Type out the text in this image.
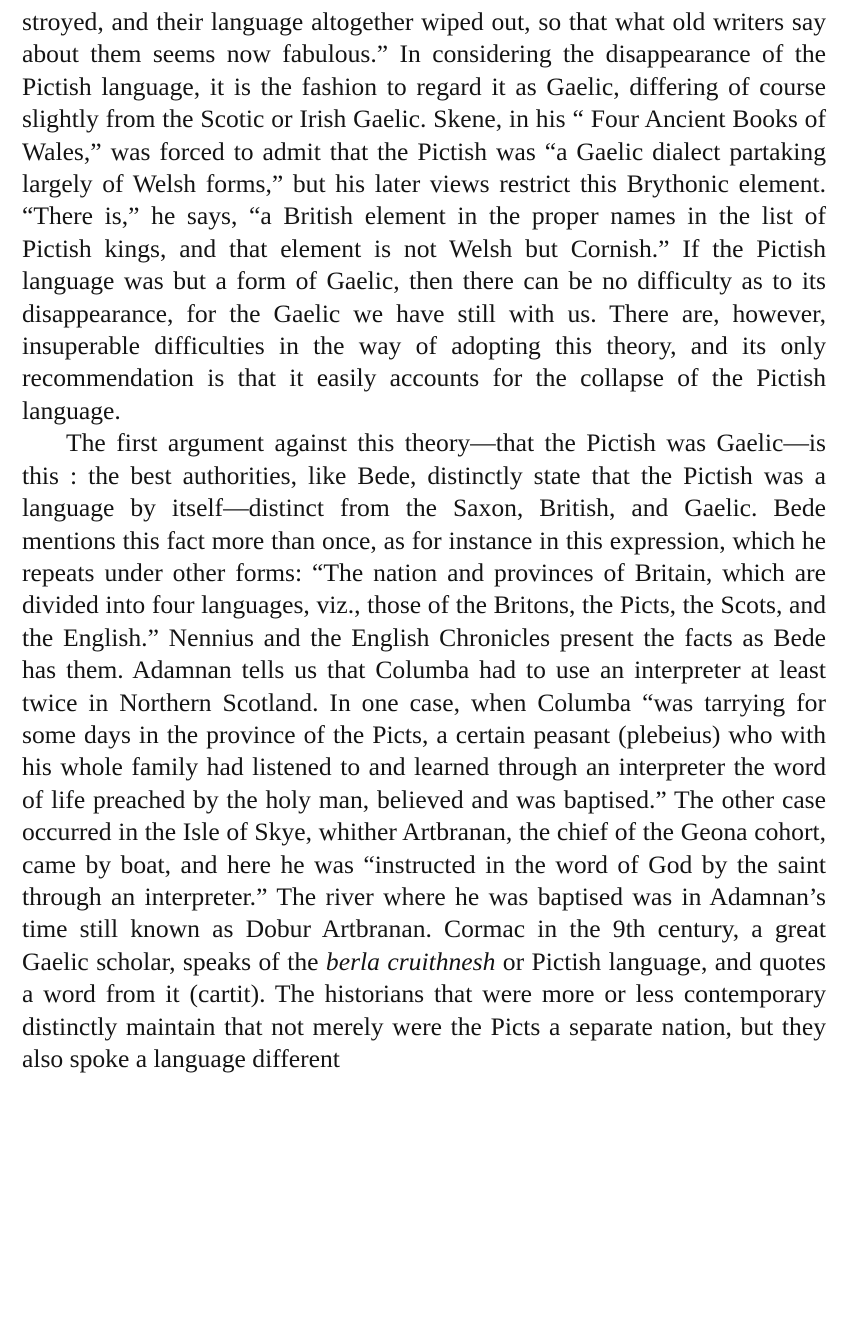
stroyed, and their language altogether wiped out, so that what old writers say about them seems now fabulous.” In considering the disappearance of the Pictish language, it is the fashion to regard it as Gaelic, differing of course slightly from the Scotic or Irish Gaelic. Skene, in his “ Four Ancient Books of Wales,” was forced to admit that the Pictish was “a Gaelic dialect partaking largely of Welsh forms,” but his later views restrict this Brythonic element. “There is,” he says, “a British element in the proper names in the list of Pictish kings, and that element is not Welsh but Cornish.” If the Pictish language was but a form of Gaelic, then there can be no difficulty as to its disappearance, for the Gaelic we have still with us. There are, however, insuperable difficulties in the way of adopting this theory, and its only recommendation is that it easily accounts for the collapse of the Pictish language.

The first argument against this theory—that the Pictish was Gaelic—is this : the best authorities, like Bede, distinctly state that the Pictish was a language by itself—distinct from the Saxon, British, and Gaelic. Bede mentions this fact more than once, as for instance in this expression, which he repeats under other forms: “The nation and provinces of Britain, which are divided into four languages, viz., those of the Britons, the Picts, the Scots, and the English.” Nennius and the English Chronicles present the facts as Bede has them. Adamnan tells us that Columba had to use an interpreter at least twice in Northern Scotland. In one case, when Columba “was tarrying for some days in the province of the Picts, a certain peasant (plebeius) who with his whole family had listened to and learned through an interpreter the word of life preached by the holy man, believed and was baptised.” The other case occurred in the Isle of Skye, whither Artbranan, the chief of the Geona cohort, came by boat, and here he was “instructed in the word of God by the saint through an interpreter.” The river where he was baptised was in Adamnan’s time still known as Dobur Artbranan. Cormac in the 9th century, a great Gaelic scholar, speaks of the berla cruithnesh or Pictish language, and quotes a word from it (cartit). The historians that were more or less contemporary distinctly maintain that not merely were the Picts a separate nation, but they also spoke a language different
